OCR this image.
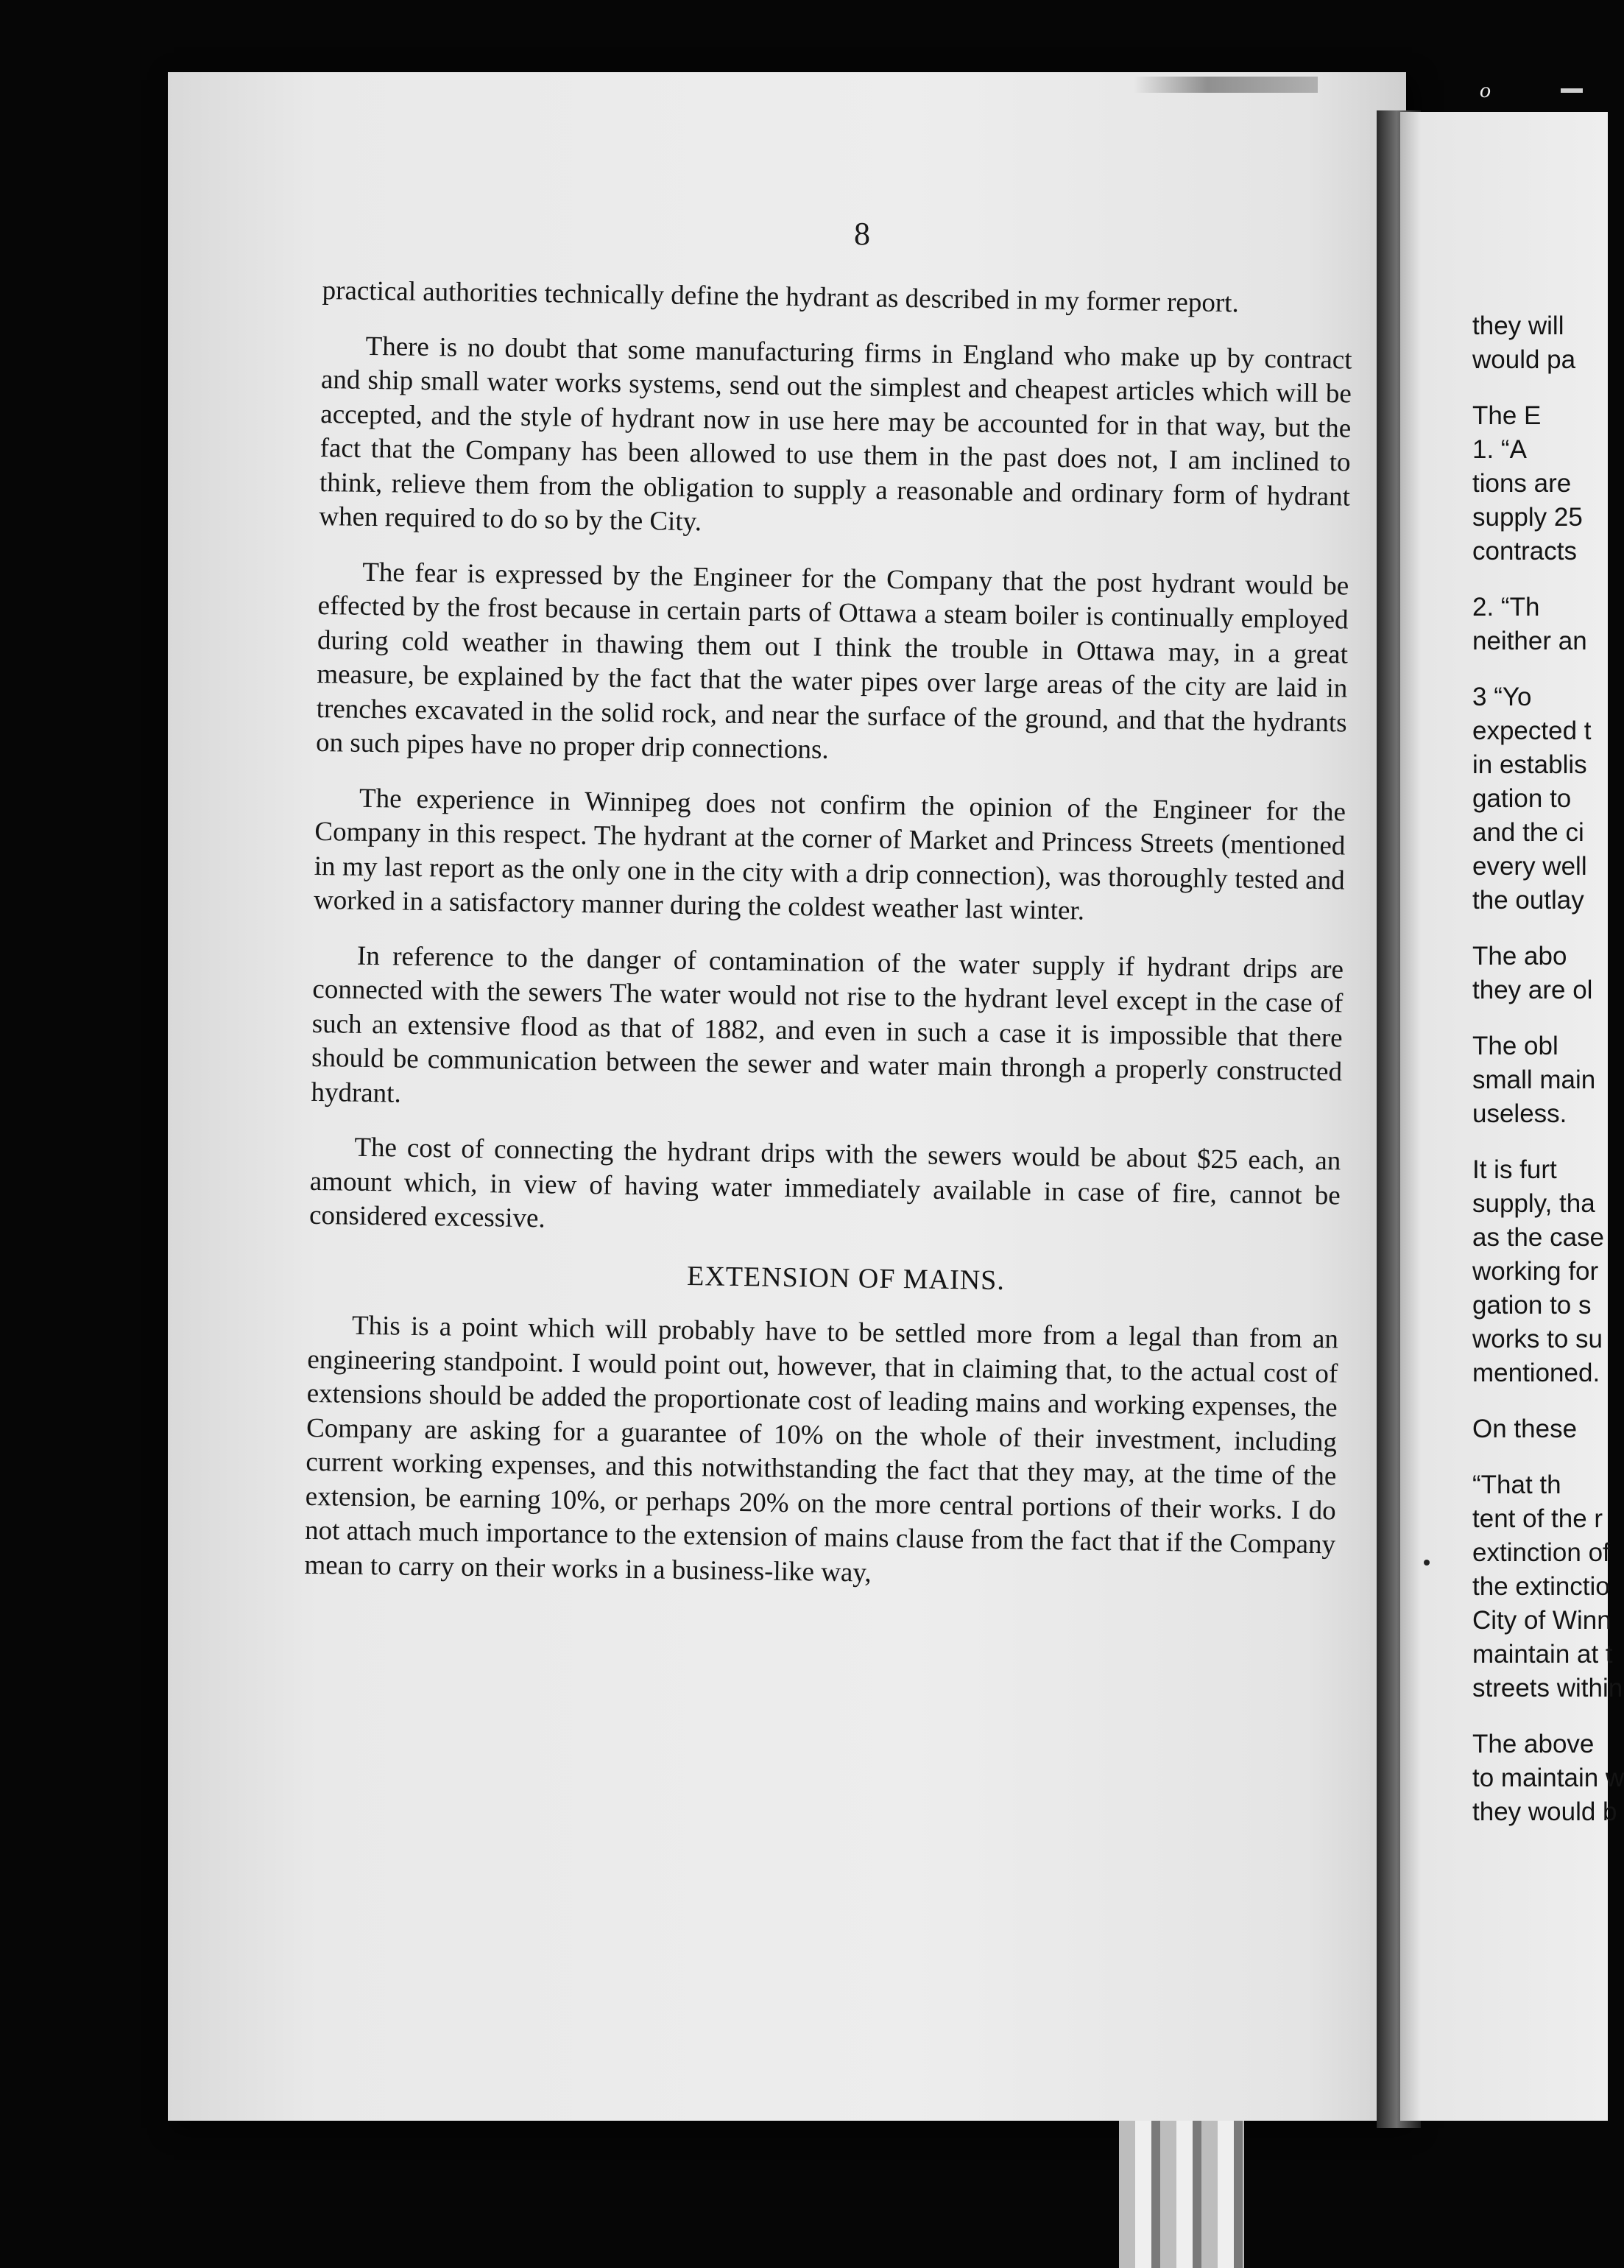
o
8

practical authorities technically define the hydrant as described in my former report.

There is no doubt that some manufacturing firms in England who make up by contract and ship small water works systems, send out the simplest and cheapest articles which will be accepted, and the style of hydrant now in use here may be accounted for in that way, but the fact that the Company has been allowed to use them in the past does not, I am inclined to think, relieve them from the obligation to supply a reasonable and ordinary form of hydrant when required to do so by the City.

The fear is expressed by the Engineer for the Company that the post hydrant would be effected by the frost because in certain parts of Ottawa a steam boiler is continually employed during cold weather in thawing them out I think the trouble in Ottawa may, in a great measure, be explained by the fact that the water pipes over large areas of the city are laid in trenches excavated in the solid rock, and near the surface of the ground, and that the hydrants on such pipes have no proper drip connections.

The experience in Winnipeg does not confirm the opinion of the Engineer for the Company in this respect. The hydrant at the corner of Market and Princess Streets (mentioned in my last report as the only one in the city with a drip connection), was thoroughly tested and worked in a satisfactory manner during the coldest weather last winter.

In reference to the danger of contamination of the water supply if hydrant drips are connected with the sewers The water would not rise to the hydrant level except in the case of such an extensive flood as that of 1882, and even in such a case it is impossible that there should be communication between the sewer and water main throngh a properly constructed hydrant.

The cost of connecting the hydrant drips with the sewers would be about $25 each, an amount which, in view of having water immediately available in case of fire, cannot be considered excessive.

EXTENSION OF MAINS.

This is a point which will probably have to be settled more from a legal than from an engineering standpoint. I would point out, however, that in claiming that, to the actual cost of extensions should be added the proportionate cost of leading mains and working expenses, the Company are asking for a guarantee of 10% on the whole of their investment, including current working expenses, and this notwithstanding the fact that they may, at the time of the extension, be earning 10%, or perhaps 20% on the more central portions of their works. I do not attach much importance to the extension of mains clause from the fact that if the Company mean to carry on their works in a business-like way,

they will
would pa
The E
1. “A
tions are
supply 25
contracts
2. “Th
neither an
3 “Yo
expected t
in establis
gation to
and the ci
every well
the outlay
The abo
they are ol
The obl
small main
useless.
It is furt
supply, tha
as the case
working for
gation to s
works to su
mentioned.
On these
“That th
tent of the r
extinction of
the extinctio
City of Winn
maintain at t
streets within
The above
to maintain w
they would b
